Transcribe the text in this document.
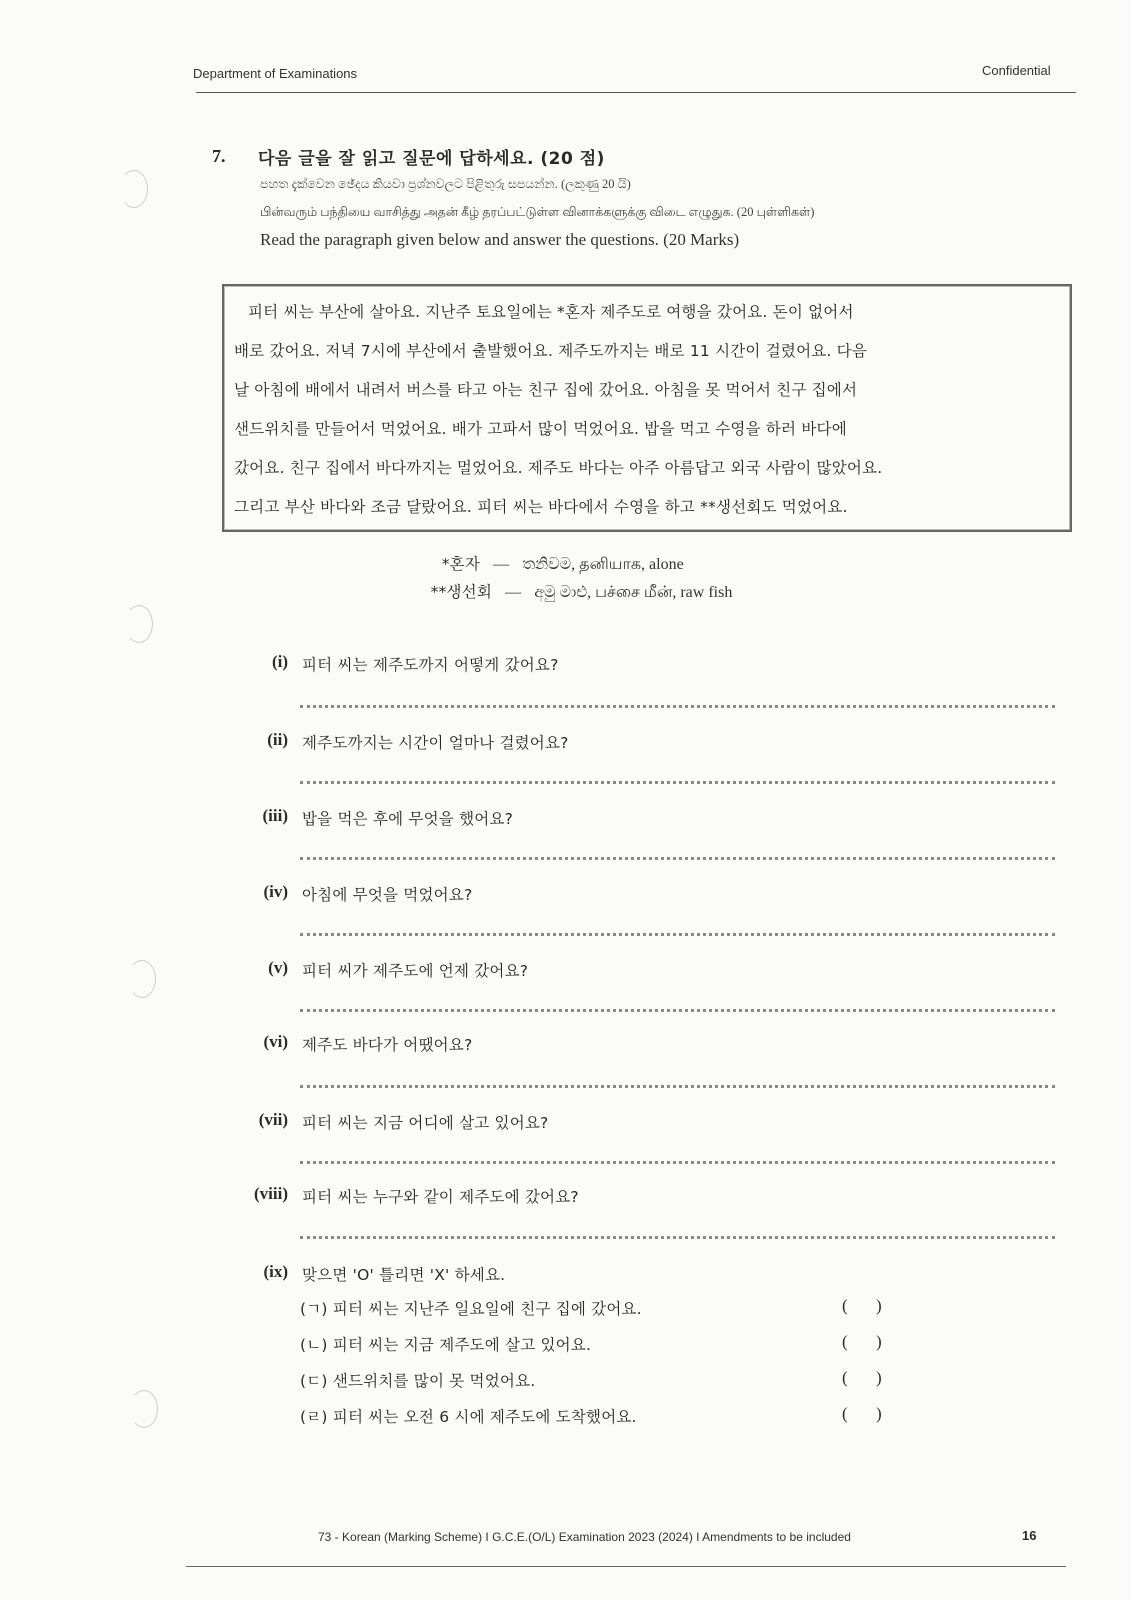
Department of Examinations	Confidential
7. 다음 글을 잘 읽고 질문에 답하세요. (20 점)
පහත දැක්වෙන ඡේදය කියවා ප්‍රශ්නවලට පිළිතුරු සපයන්න. (ලකුණු 20 යි)
பின்வரும் பந்தியை வாசித்து அதன் கீழ் தரப்பட்டுள்ள வினாக்களுக்கு விடை எழுதுக. (20 புள்ளிகள்)
Read the paragraph given below and answer the questions. (20 Marks)
피터 씨는 부산에 살아요. 지난주 토요일에는 *혼자 제주도로 여행을 갔어요. 돈이 없어서
배로 갔어요. 저녁 7시에 부산에서 출발했어요. 제주도까지는 배로 11 시간이 걸렸어요. 다음
날 아침에 배에서 내려서 버스를 타고 아는 친구 집에 갔어요. 아침을 못 먹어서 친구 집에서
샌드위치를 만들어서 먹었어요. 배가 고파서 많이 먹었어요. 밥을 먹고 수영을 하러 바다에
갔어요. 친구 집에서 바다까지는 멀었어요. 제주도 바다는 아주 아름답고 외국 사람이 많았어요.
그리고 부산 바다와 조금 달랐어요. 피터 씨는 바다에서 수영을 하고 **생선회도 먹었어요.
*혼자 — තනිවම, தனியாக, alone
**생선회 — අමු මාළු, பச்சை மீன், raw fish
(i) 피터 씨는 제주도까지 어떻게 갔어요?
(ii) 제주도까지는 시간이 얼마나 걸렸어요?
(iii) 밥을 먹은 후에 무엇을 했어요?
(iv) 아침에 무엇을 먹었어요?
(v) 피터 씨가 제주도에 언제 갔어요?
(vi) 제주도 바다가 어땠어요?
(vii) 피터 씨는 지금 어디에 살고 있어요?
(viii) 피터 씨는 누구와 같이 제주도에 갔어요?
(ix) 맞으면 'O' 틀리면 'X' 하세요.
(ㄱ) 피터 씨는 지난주 일요일에 친구 집에 갔어요.	( )
(ㄴ) 피터 씨는 지금 제주도에 살고 있어요.	( )
(ㄷ) 샌드위치를 많이 못 먹었어요.	( )
(ㄹ) 피터 씨는 오전 6 시에 제주도에 도착했어요.	( )
73 - Korean (Marking Scheme) I G.C.E.(O/L) Examination 2023 (2024) I Amendments to be included	16
